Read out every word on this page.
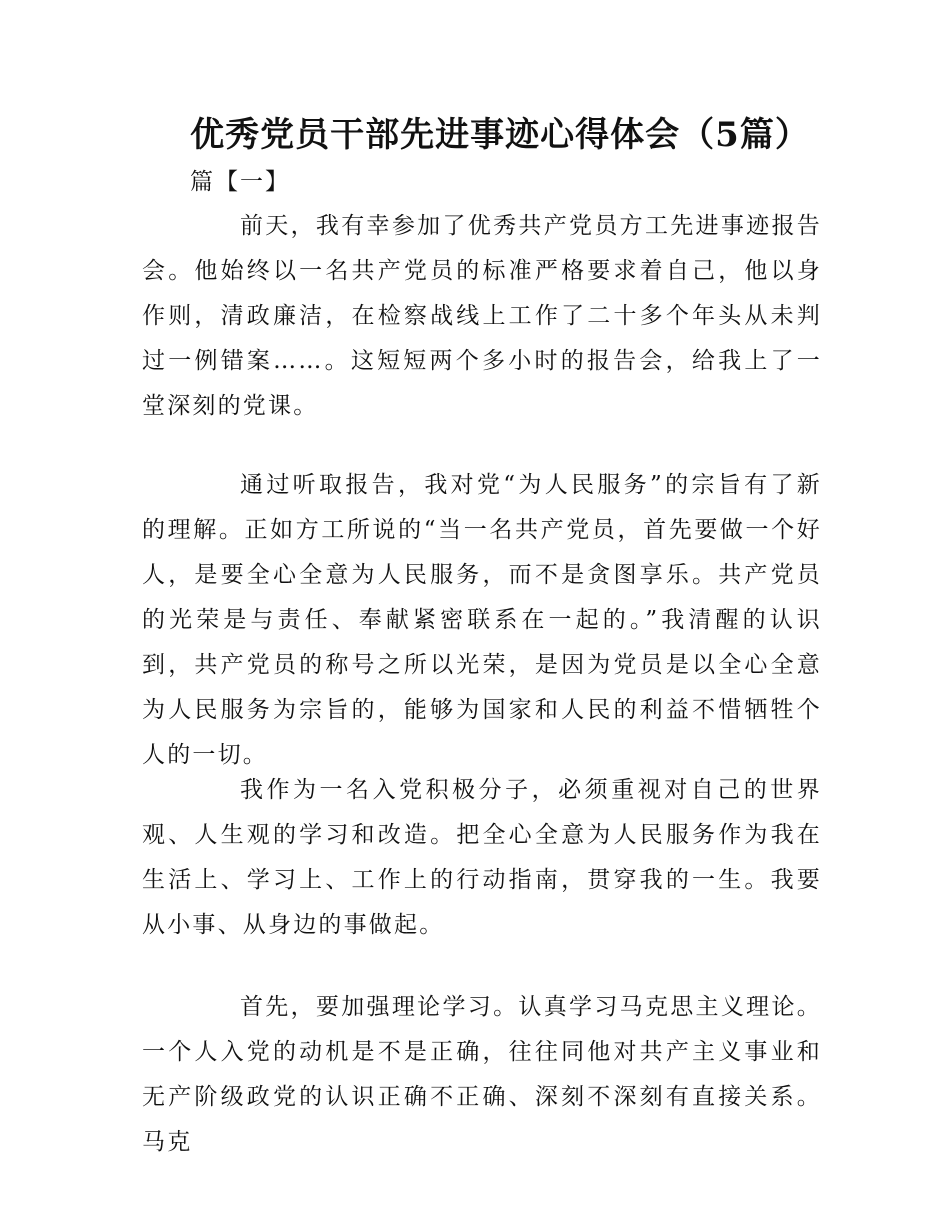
优秀党员干部先进事迹心得体会（5篇）
篇【一】

前天，我有幸参加了优秀共产党员方工先进事迹报告会。他始终以一名共产党员的标准严格要求着自己，他以身作则，清政廉洁，在检察战线上工作了二十多个年头从未判过一例错案……。这短短两个多小时的报告会，给我上了一堂深刻的党课。

通过听取报告，我对党“为人民服务”的宗旨有了新的理解。正如方工所说的“当一名共产党员，首先要做一个好人，是要全心全意为人民服务，而不是贪图享乐。共产党员的光荣是与责任、奉献紧密联系在一起的。”我清醒的认识到，共产党员的称号之所以光荣，是因为党员是以全心全意为人民服务为宗旨的，能够为国家和人民的利益不惜牺牲个人的一切。

我作为一名入党积极分子，必须重视对自己的世界观、人生观的学习和改造。把全心全意为人民服务作为我在生活上、学习上、工作上的行动指南，贯穿我的一生。我要从小事、从身边的事做起。

首先，要加强理论学习。认真学习马克思主义理论。一个人入党的动机是不是正确，往往同他对共产主义事业和无产阶级政党的认识正确不正确、深刻不深刻有直接关系。马克
